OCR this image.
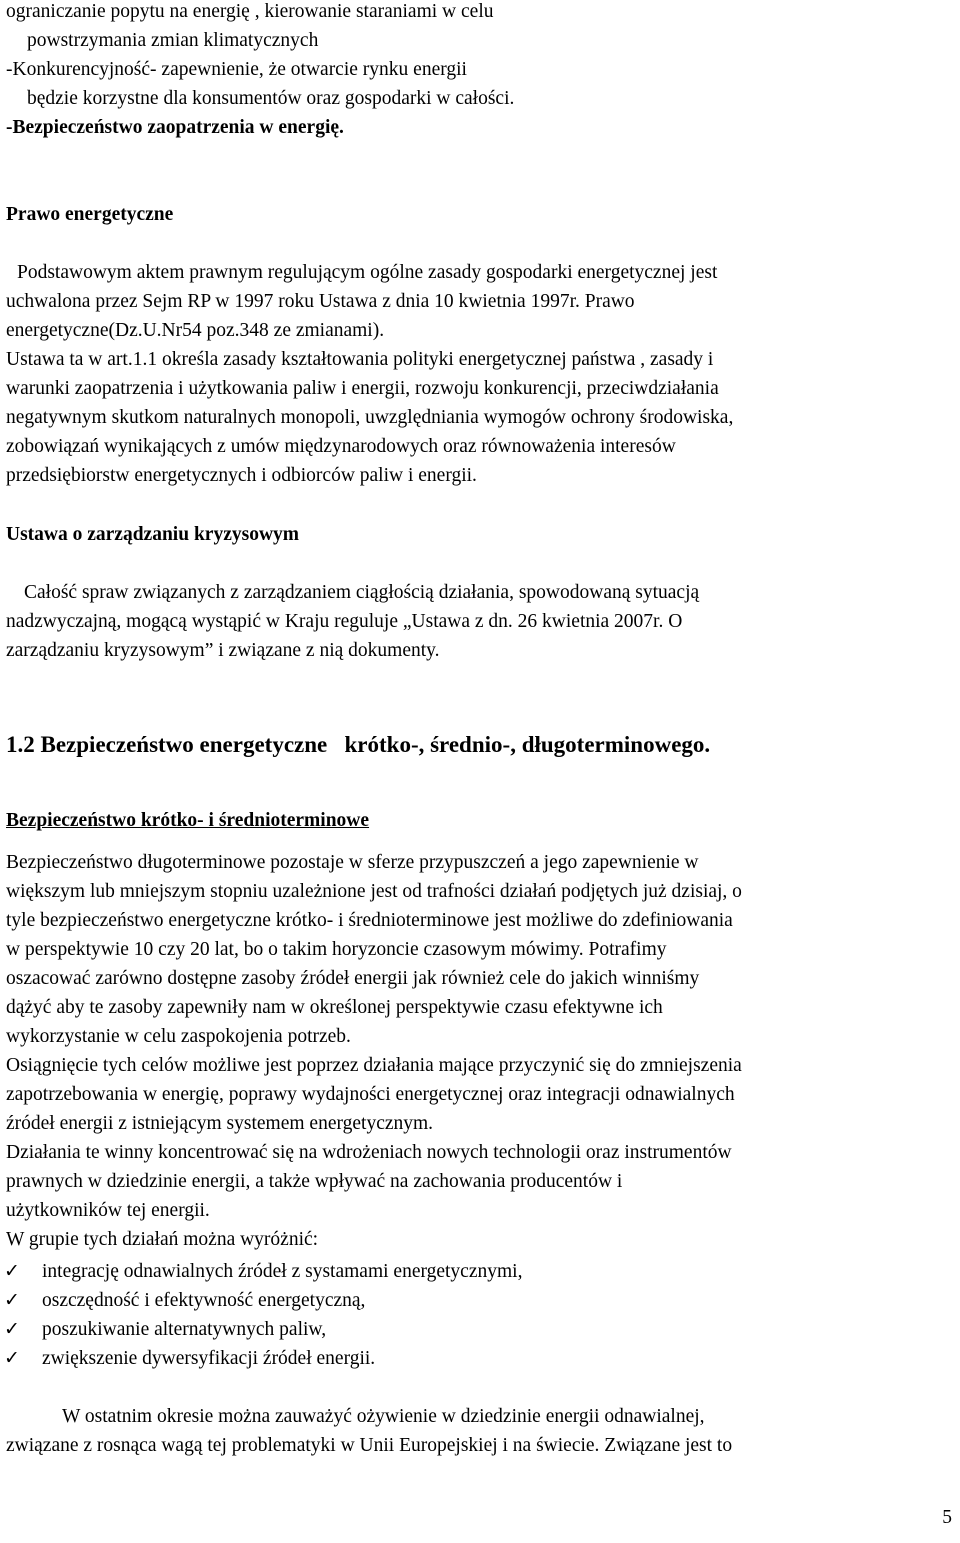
ograniczanie popytu na energię , kierowanie staraniami w celu
powstrzymania zmian klimatycznych
-Konkurencyjność- zapewnienie, że otwarcie rynku energii
będzie korzystne dla konsumentów oraz gospodarki w całości.
-Bezpieczeństwo zaopatrzenia w energię.
Prawo energetyczne
Podstawowym aktem prawnym regulującym ogólne zasady gospodarki energetycznej jest
uchwalona przez Sejm RP w 1997 roku Ustawa z dnia 10 kwietnia 1997r. Prawo
energetyczne(Dz.U.Nr54 poz.348 ze zmianami).
Ustawa ta w art.1.1 określa zasady kształtowania polityki energetycznej państwa , zasady i
warunki zaopatrzenia i użytkowania paliw i energii, rozwoju konkurencji, przeciwdziałania
negatywnym skutkom naturalnych monopoli, uwzględniania wymogów ochrony środowiska,
zobowiązań wynikających z umów międzynarodowych oraz równoważenia interesów
przedsiębiorstw energetycznych i odbiorców paliw i energii.
Ustawa o zarządzaniu kryzysowym
Całość spraw związanych z zarządzaniem ciągłością działania, spowodowaną sytuacją
nadzwyczajną, mogącą wystąpić w Kraju reguluje „Ustawa z dn. 26 kwietnia 2007r. O
zarządzaniu kryzysowym” i związane z nią dokumenty.
1.2 Bezpieczeństwo energetyczne krótko-, średnio-, długoterminowego.
Bezpieczeństwo krótko- i średnioterminowe
Bezpieczeństwo długoterminowe pozostaje w sferze przypuszczeń a jego zapewnienie w
większym lub mniejszym stopniu uzależnione jest od trafności działań podjętych już dzisiaj, o
tyle bezpieczeństwo energetyczne krótko- i średnioterminowe jest możliwe do zdefiniowania
w perspektywie 10 czy 20 lat, bo o takim horyzoncie czasowym mówimy. Potrafimy
oszacować zarówno dostępne zasoby źródeł energii jak również cele do jakich winniśmy
dążyć aby te zasoby zapewniły nam w określonej perspektywie czasu efektywne ich
wykorzystanie w celu zaspokojenia potrzeb.
Osiągnięcie tych celów możliwe jest poprzez działania mające przyczynić się do zmniejszenia
zapotrzebowania w energię, poprawy wydajności energetycznej oraz integracji odnawialnych
źródeł energii z istniejącym systemem energetycznym.
Działania te winny koncentrować się na wdrożeniach nowych technologii oraz instrumentów
prawnych w dziedzinie energii, a także wpływać na zachowania producentów i
użytkowników tej energii.
W grupie tych działań można wyróżnić:
✓ integrację odnawialnych źródeł z systamami energetycznymi,
✓ oszczędność i efektywność energetyczną,
✓ poszukiwanie alternatywnych paliw,
✓ zwiększenie dywersyfikacji źródeł energii.
W ostatnim okresie można zauważyć ożywienie w dziedzinie energii odnawialnej,
związane z rosnąca wagą tej problematyki w Unii Europejskiej i na świecie. Związane jest to
5
